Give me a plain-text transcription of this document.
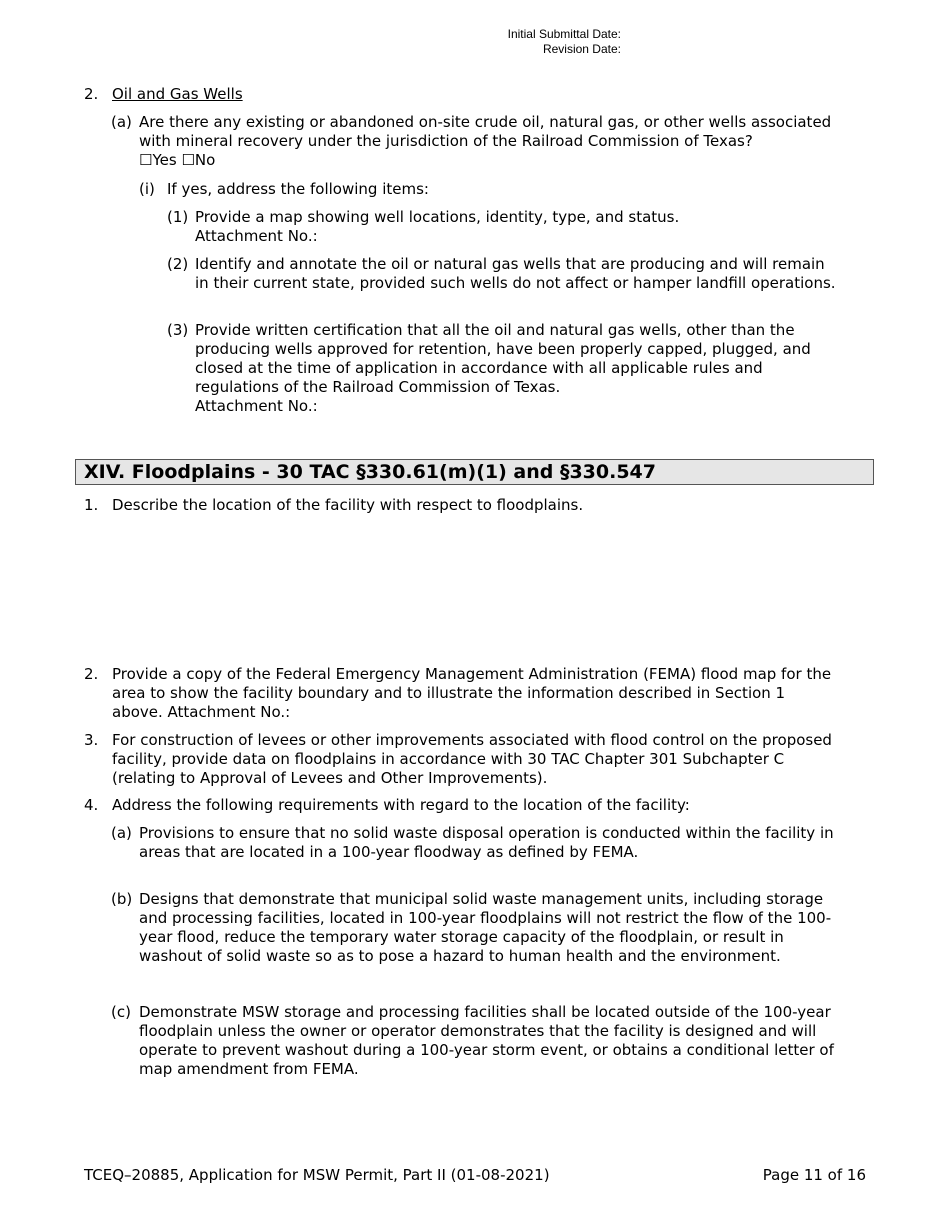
Initial Submittal Date:
Revision Date:
2. Oil and Gas Wells
(a) Are there any existing or abandoned on-site crude oil, natural gas, or other wells associated
with mineral recovery under the jurisdiction of the Railroad Commission of Texas?
☐Yes ☐No
(i) If yes, address the following items:
(1) Provide a map showing well locations, identity, type, and status.
Attachment No.:
(2) Identify and annotate the oil or natural gas wells that are producing and will remain
in their current state, provided such wells do not affect or hamper landfill operations.
(3) Provide written certification that all the oil and natural gas wells, other than the
producing wells approved for retention, have been properly capped, plugged, and
closed at the time of application in accordance with all applicable rules and
regulations of the Railroad Commission of Texas.
Attachment No.:
XIV. Floodplains - 30 TAC §330.61(m)(1) and §330.547
1. Describe the location of the facility with respect to floodplains.
2. Provide a copy of the Federal Emergency Management Administration (FEMA) flood map for the
area to show the facility boundary and to illustrate the information described in Section 1
above. Attachment No.:
3. For construction of levees or other improvements associated with flood control on the proposed
facility, provide data on floodplains in accordance with 30 TAC Chapter 301 Subchapter C
(relating to Approval of Levees and Other Improvements).
4. Address the following requirements with regard to the location of the facility:
(a) Provisions to ensure that no solid waste disposal operation is conducted within the facility in
areas that are located in a 100-year floodway as defined by FEMA.
(b) Designs that demonstrate that municipal solid waste management units, including storage
and processing facilities, located in 100-year floodplains will not restrict the flow of the 100-
year flood, reduce the temporary water storage capacity of the floodplain, or result in
washout of solid waste so as to pose a hazard to human health and the environment.
(c) Demonstrate MSW storage and processing facilities shall be located outside of the 100-year
floodplain unless the owner or operator demonstrates that the facility is designed and will
operate to prevent washout during a 100-year storm event, or obtains a conditional letter of
map amendment from FEMA.
TCEQ–20885, Application for MSW Permit, Part II (01-08-2021)	Page 11 of 16
